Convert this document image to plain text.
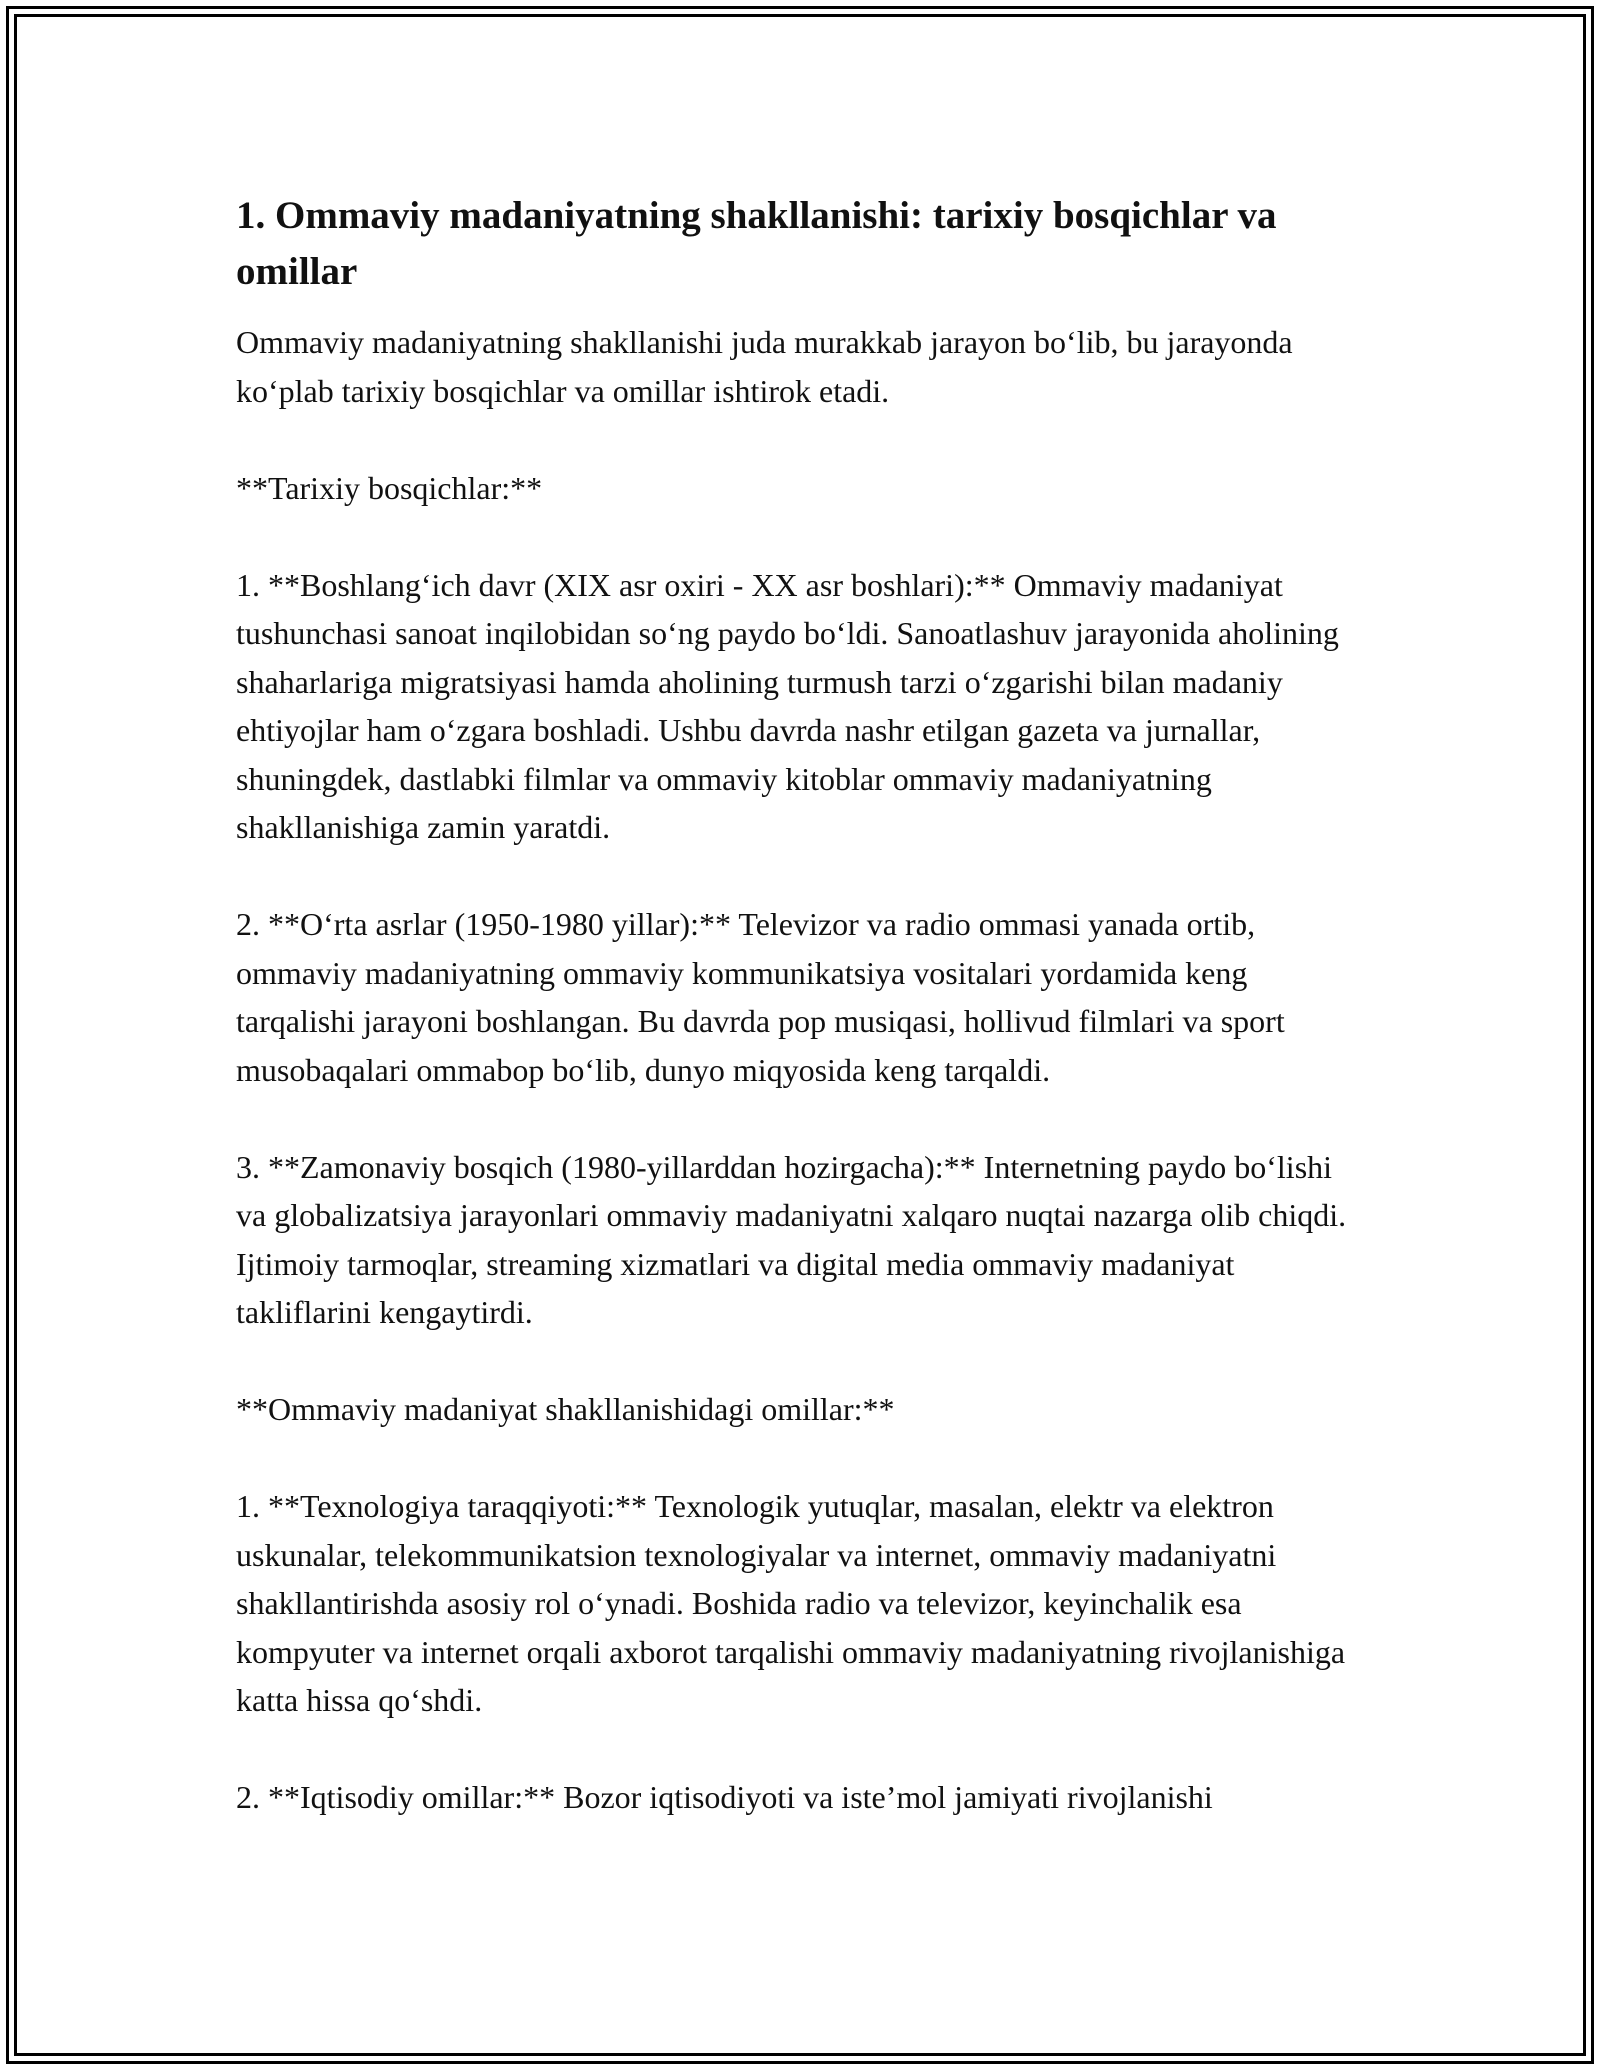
1. Ommaviy madaniyatning shakllanishi: tarixiy bosqichlar va omillar

Ommaviy madaniyatning shakllanishi juda murakkab jarayon bo‘lib, bu jarayonda ko‘plab tarixiy bosqichlar va omillar ishtirok etadi.

**Tarixiy bosqichlar:**

1. **Boshlang‘ich davr (XIX asr oxiri - XX asr boshlari):** Ommaviy madaniyat tushunchasi sanoat inqilobidan so‘ng paydo bo‘ldi. Sanoatlashuv jarayonida aholining shaharlariga migratsiyasi hamda aholining turmush tarzi o‘zgarishi bilan madaniy ehtiyojlar ham o‘zgara boshladi. Ushbu davrda nashr etilgan gazeta va jurnallar, shuningdek, dastlabki filmlar va ommaviy kitoblar ommaviy madaniyatning shakllanishiga zamin yaratdi.

2. **O‘rta asrlar (1950-1980 yillar):** Televizor va radio ommasi yanada ortib, ommaviy madaniyatning ommaviy kommunikatsiya vositalari yordamida keng tarqalishi jarayoni boshlangan. Bu davrda pop musiqasi, hollivud filmlari va sport musobaqalari ommabop bo‘lib, dunyo miqyosida keng tarqaldi.

3. **Zamonaviy bosqich (1980-yillarddan hozirgacha):** Internetning paydo bo‘lishi va globalizatsiya jarayonlari ommaviy madaniyatni xalqaro nuqtai nazarga olib chiqdi. Ijtimoiy tarmoqlar, streaming xizmatlari va digital media ommaviy madaniyat takliflarini kengaytirdi.

**Ommaviy madaniyat shakllanishidagi omillar:**

1. **Texnologiya taraqqiyoti:** Texnologik yutuqlar, masalan, elektr va elektron uskunalar, telekommunikatsion texnologiyalar va internet, ommaviy madaniyatni shakllantirishda asosiy rol o‘ynadi. Boshida radio va televizor, keyinchalik esa kompyuter va internet orqali axborot tarqalishi ommaviy madaniyatning rivojlanishiga katta hissa qo‘shdi.

2. **Iqtisodiy omillar:** Bozor iqtisodiyoti va iste’mol jamiyati rivojlanishi
